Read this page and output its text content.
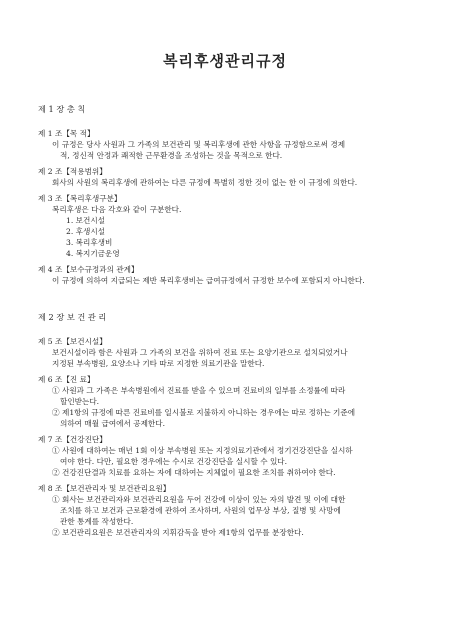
복리후생관리규정

제 1 장 총 칙

제 1 조【목 적】

이 규정은 당사 사원과 그 가족의 보건관리 및 복리후생에 관한 사항을 규정함으로써 경제

적, 정신적 안정과 쾌적한 근무환경을 조성하는 것을 목적으로 한다.

제 2 조【적용범위】

회사의 사원의 복리후생에 관하여는 다른 규정에 특별히 정한 것이 없는 한 이 규정에 의한다.

제 3 조【복리후생구분】

복리후생은 다음 각호와 같이 구분한다.

1. 보건시설
2. 후생시설
3. 복리후생비
4. 복지기금운영

제 4 조【보수규정과의 관계】

이 규정에 의하여 지급되는 제반 복리후생비는 급여규정에서 규정한 보수에 포함되지 아니한다.

제 2 장 보 건 관 리

제 5 조【보건시설】

보건시설이라 함은 사원과 그 가족의 보건을 위하여 진료 또는 요양기관으로 설치되었거나

지정된 부속병원, 요양소나 기타 따로 지정한 의료기관을 말한다.

제 6 조【진 료】

① 사원과 그 가족은 부속병원에서 진료를 받을 수 있으며 진료비의 일부를 소정률에 따라

할인받는다.

② 제1항의 규정에 따른 진료비를 일시불로 지불하지 아니하는 경우에는 따로 정하는 기준에

의하여 매월 급여에서 공제한다.

제 7 조【건강진단】

① 사원에 대하여는 매년 1회 이상 부속병원 또는 지정의료기관에서 정기건강진단을 실시하

여야 한다. 다만, 필요한 경우에는 수시로 건강진단을 실시할 수 있다.

② 건강진단결과 치료를 요하는 자에 대하여는 지체없이 필요한 조치를 취하여야 한다.

제 8 조【보건관리자 및 보건관리요원】

① 회사는 보건관리자와 보건관리요원을 두어 건강에 이상이 있는 자의 발견 및 이에 대한

조치를 하고 보건과 근로환경에 관하여 조사하며, 사원의 업무상 부상, 질병 및 사망에

관한 통계를 작성한다.

② 보건관리요원은 보건관리자의 지휘감독을 받아 제1항의 업무를 분장한다.
